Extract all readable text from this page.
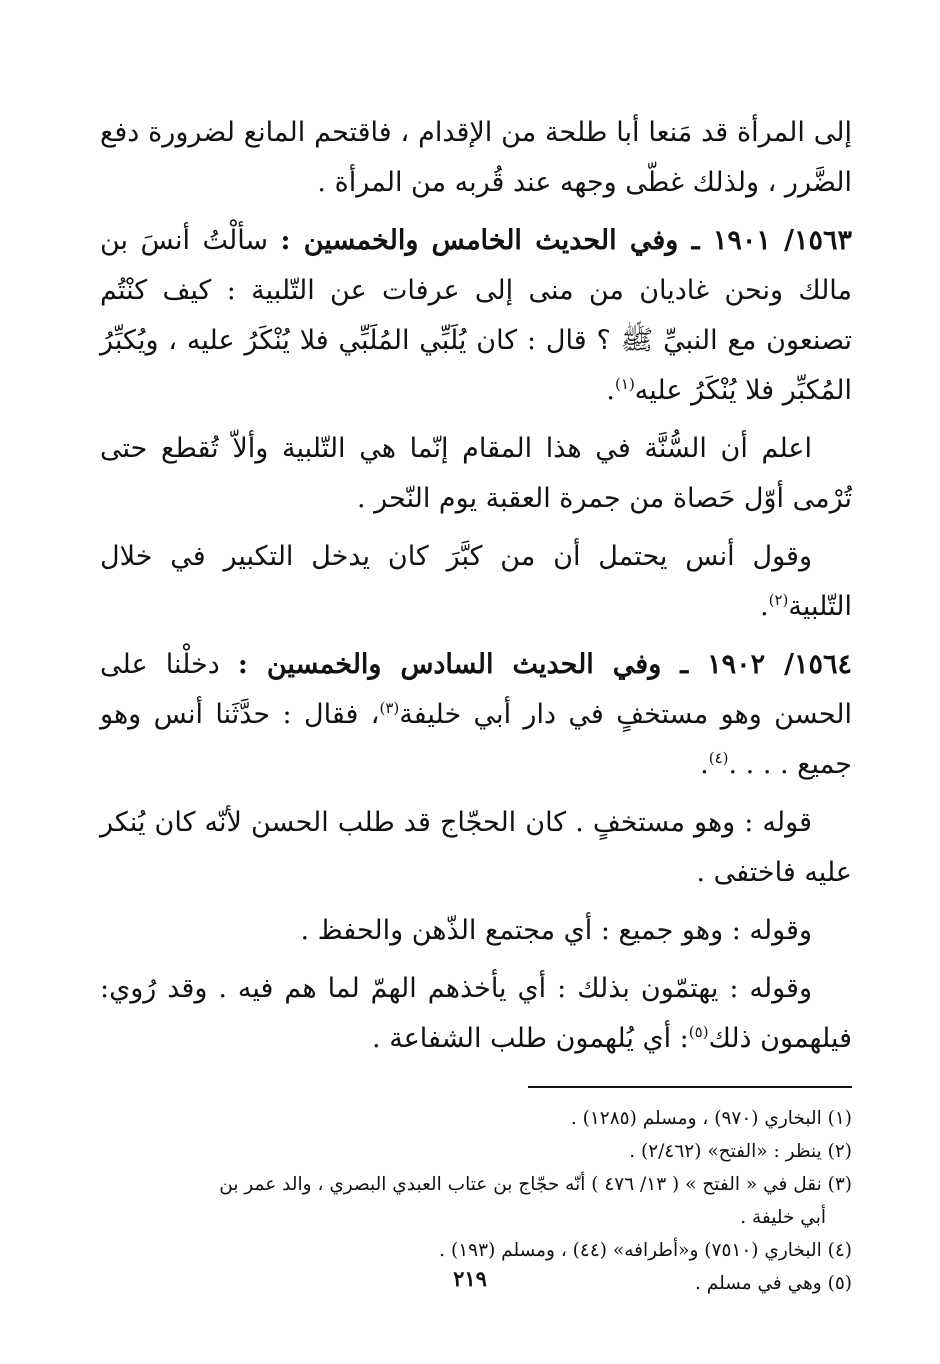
إلى المرأة قد مَنعا أبا طلحة من الإقدام ، فاقتحم المانع لضرورة دفع الضَّرر ، ولذلك غطّى وجهه عند قُربه من المرأة .

١٥٦٣/ ١٩٠١ ـ وفي الحديث الخامس والخمسين : سألْتُ أنسَ بن مالك ونحن غاديان من منى إلى عرفات عن التّلبية : كيف كنْتُم تصنعون مع النبيِّ ﷺ ؟ قال : كان يُلَبِّي المُلَبِّي فلا يُنْكَرُ عليه ، ويُكبِّرُ المُكبِّر فلا يُنْكَرُ عليه$^{(١)}$.

اعلم أن السُّنَّة في هذا المقام إنّما هي التّلبية وألاّ تُقطع حتى تُرْمى أوّل حَصاة من جمرة العقبة يوم النّحر .

وقول أنس يحتمل أن من كبَّرَ كان يدخل التكبير في خلال التّلبية$^{(٢)}$.

١٥٦٤/ ١٩٠٢ ـ وفي الحديث السادس والخمسين : دخلْنا على الحسن وهو مستخفٍ في دار أبي خليفة$^{(٣)}$، فقال : حدَّثَنا أنس وهو جميع . . . .$^{(٤)}$.

قوله : وهو مستخفٍ . كان الحجّاج قد طلب الحسن لأنّه كان يُنكر عليه فاختفى .

وقوله : وهو جميع : أي مجتمع الذّهن والحفظ .

وقوله : يهتمّون بذلك : أي يأخذهم الهمّ لما هم فيه . وقد رُوي: فيلهمون ذلك$^{(٥)}$: أي يُلهمون طلب الشفاعة .

(١) البخاري (٩٧٠) ، ومسلم (١٢٨٥) .

(٢) ينظر : «الفتح» (٢/٤٦٢) .

(٣) نقل في « الفتح » ( ١٣/ ٤٧٦ ) أنّه حجّاج بن عتاب العبدي البصري ، والد عمر بن
أبي خليفة .

(٤) البخاري (٧٥١٠) و«أطرافه» (٤٤) ، ومسلم (١٩٣) .

(٥) وهي في مسلم .

٢١٩
